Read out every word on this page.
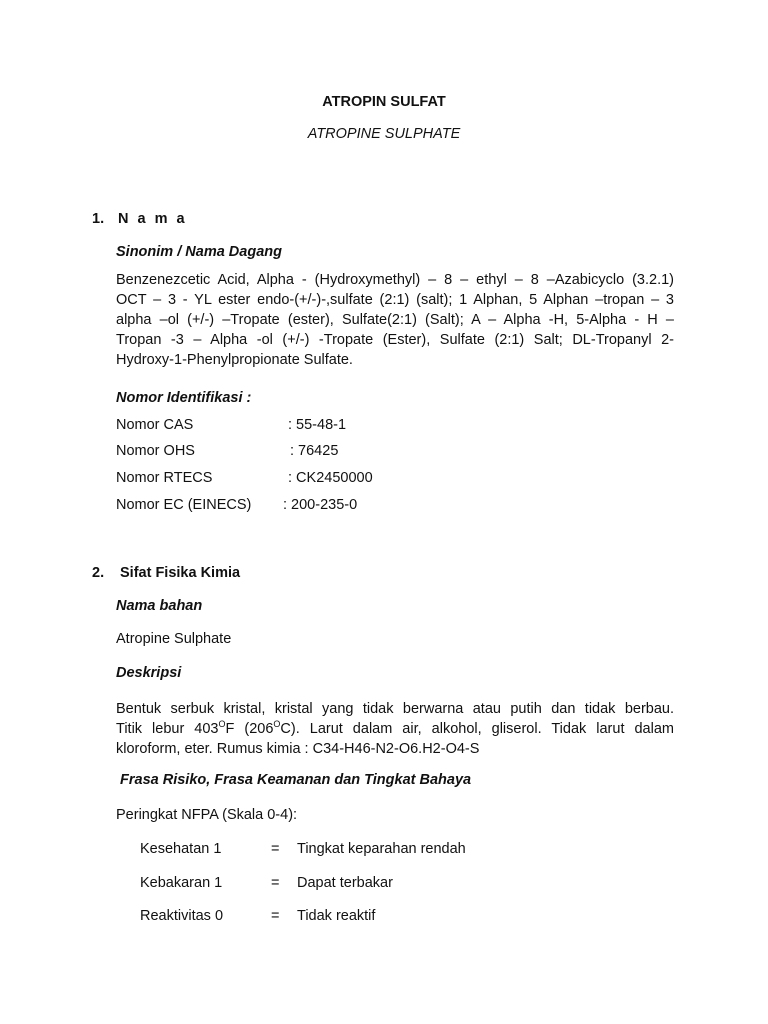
ATROPIN SULFAT
ATROPINE SULPHATE
1. N a m a
Sinonim / Nama Dagang
Benzenezcetic Acid, Alpha - (Hydroxymethyl) – 8 – ethyl – 8 –Azabicyclo (3.2.1)
OCT – 3 - YL ester endo-(+/-)-,sulfate (2:1) (salt); 1 Alphan, 5 Alphan –tropan – 3
alpha –ol (+/-) –Tropate (ester), Sulfate(2:1) (Salt); A – Alpha -H, 5-Alpha - H –
Tropan -3 – Alpha -ol (+/-) -Tropate (Ester), Sulfate (2:1) Salt; DL-Tropanyl 2-
Hydroxy-1-Phenylpropionate Sulfate.
Nomor Identifikasi :
Nomor CAS	: 55-48-1
Nomor OHS	: 76425
Nomor RTECS	: CK2450000
Nomor EC (EINECS) : 200-235-0
2. Sifat Fisika Kimia
Nama bahan
Atropine Sulphate
Deskripsi
Bentuk serbuk kristal, kristal yang tidak berwarna atau putih dan tidak berbau.
Titik lebur $403^OF$ $(206^OC)$. Larut dalam air, alkohol, gliserol. Tidak larut dalam
kloroform, eter. Rumus kimia : C34-H46-N2-O6.H2-O4-S
Frasa Risiko, Frasa Keamanan dan Tingkat Bahaya
Peringkat NFPA (Skala 0-4):
Kesehatan 1	= Tingkat keparahan rendah
Kebakaran 1	= Dapat terbakar
Reaktivitas 0	= Tidak reaktif
